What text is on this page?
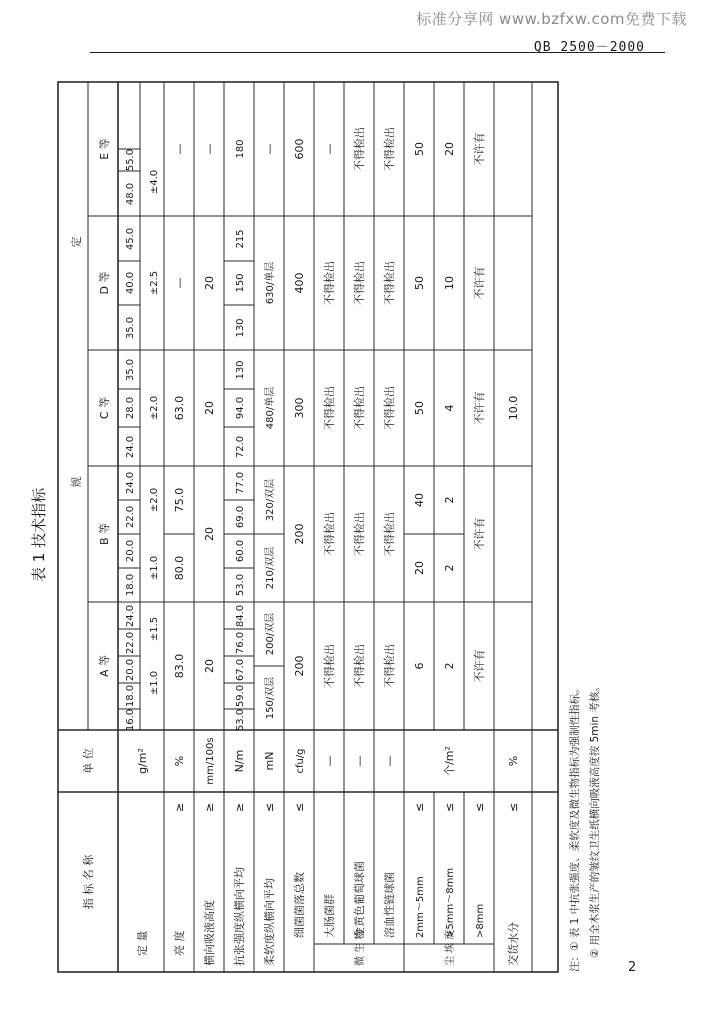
标准分享网 www.bzfxw.com免费下载
QB 2500－2000
表 1 技术指标
指 标 名 称
单 位
规
定
A 等
B 等
C 等
D 等
E 等
定 量
g/m²
16.0
18.0
20.0
22.0
24.0
18.0
20.0
22.0
24.0
24.0
28.0
35.0
35.0
40.0
45.0
48.0
55.0
±1.0
±1.5
±1.0
±2.0
±2.0
±2.5
±4.0
亮 度
≥
%
83.0
80.0
75.0
63.0
—
—
横向吸液高度
≥
mm/100s
20
20
20
20
—
抗张强度纵横向平均
≥
N/m
53.0
59.0
67.0
76.0
84.0
53.0
60.0
69.0
77.0
72.0
94.0
130
130
150
215
180
柔软度纵横向平均
≤
mN
150/双层
200/双层
210/双层
320/双层
480/单层
630/单层
—
细菌菌落总数
≤
cfu/g
200
200
300
400
600
微 生 物
大肠菌群
—
不得检出
不得检出
不得检出
不得检出
—
金黄色葡萄球菌
—
不得检出
不得检出
不得检出
不得检出
不得检出
溶血性链球菌
—
不得检出
不得检出
不得检出
不得检出
不得检出
尘 埃 度
个/m²
2mm～5mm
≤
6
20
40
50
50
50
>5mm～8mm
≤
2
2
2
4
10
20
>8mm
≤
不许有
不许有
不许有
不许有
不许有
交货水分
≤
%
10.0
注：① 表 1 中抗张强度、柔软度及微生物指标为强制性指标。 ② 用全木浆生产的皱纹卫生纸横向吸液高度按 5min 考核。
2
